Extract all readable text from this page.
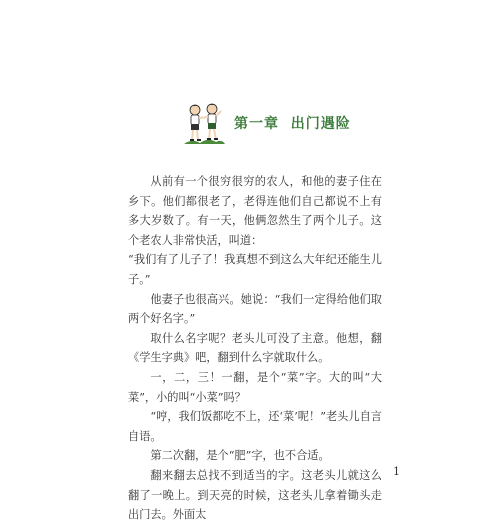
第一章  出门遇险

从前有一个很穷很穷的农人，和他的妻子住在乡下。他们都很老了，老得连他们自己都说不上有多大岁数了。有一天，他俩忽然生了两个儿子。这个老农人非常快活，叫道：

“我们有了儿子了！我真想不到这么大年纪还能生儿子。”

他妻子也很高兴。她说：“我们一定得给他们取两个好名字。”

取什么名字呢？老头儿可没了主意。他想，翻《学生字典》吧，翻到什么字就取什么。

一，二，三！一翻，是个“菜”字。大的叫“大菜”，小的叫“小菜”吗？

“哼，我们饭都吃不上，还‘菜’呢！”老头儿自言自语。

第二次翻，是个“肥”字，也不合适。

翻来翻去总找不到适当的字。这老头儿就这么翻了一晚上。到天亮的时候，这老头儿拿着锄头走出门去。外面太

1
